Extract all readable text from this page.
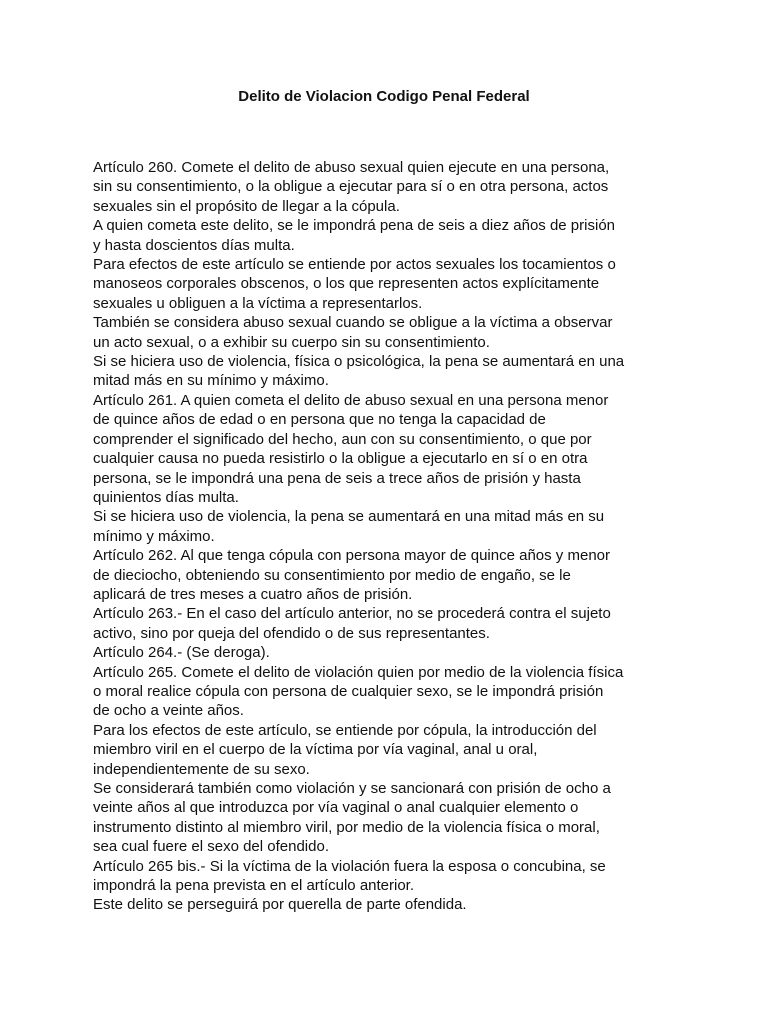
Delito de Violacion Codigo Penal Federal

Artículo 260. Comete el delito de abuso sexual quien ejecute en una persona,
sin su consentimiento, o la obligue a ejecutar para sí o en otra persona, actos
sexuales sin el propósito de llegar a la cópula.

A quien cometa este delito, se le impondrá pena de seis a diez años de prisión
y hasta doscientos días multa.

Para efectos de este artículo se entiende por actos sexuales los tocamientos o
manoseos corporales obscenos, o los que representen actos explícitamente
sexuales u obliguen a la víctima a representarlos.

También se considera abuso sexual cuando se obligue a la víctima a observar
un acto sexual, o a exhibir su cuerpo sin su consentimiento.

Si se hiciera uso de violencia, física o psicológica, la pena se aumentará en una
mitad más en su mínimo y máximo.

Artículo 261. A quien cometa el delito de abuso sexual en una persona menor
de quince años de edad o en persona que no tenga la capacidad de
comprender el significado del hecho, aun con su consentimiento, o que por
cualquier causa no pueda resistirlo o la obligue a ejecutarlo en sí o en otra
persona, se le impondrá una pena de seis a trece años de prisión y hasta
quinientos días multa.

Si se hiciera uso de violencia, la pena se aumentará en una mitad más en su
mínimo y máximo.

Artículo 262. Al que tenga cópula con persona mayor de quince años y menor
de dieciocho, obteniendo su consentimiento por medio de engaño, se le
aplicará de tres meses a cuatro años de prisión.

Artículo 263.- En el caso del artículo anterior, no se procederá contra el sujeto
activo, sino por queja del ofendido o de sus representantes.

Artículo 264.- (Se deroga).

Artículo 265. Comete el delito de violación quien por medio de la violencia física
o moral realice cópula con persona de cualquier sexo, se le impondrá prisión
de ocho a veinte años.

Para los efectos de este artículo, se entiende por cópula, la introducción del
miembro viril en el cuerpo de la víctima por vía vaginal, anal u oral,
independientemente de su sexo.

Se considerará también como violación y se sancionará con prisión de ocho a
veinte años al que introduzca por vía vaginal o anal cualquier elemento o
instrumento distinto al miembro viril, por medio de la violencia física o moral,
sea cual fuere el sexo del ofendido.

Artículo 265 bis.- Si la víctima de la violación fuera la esposa o concubina, se
impondrá la pena prevista en el artículo anterior.

Este delito se perseguirá por querella de parte ofendida.
